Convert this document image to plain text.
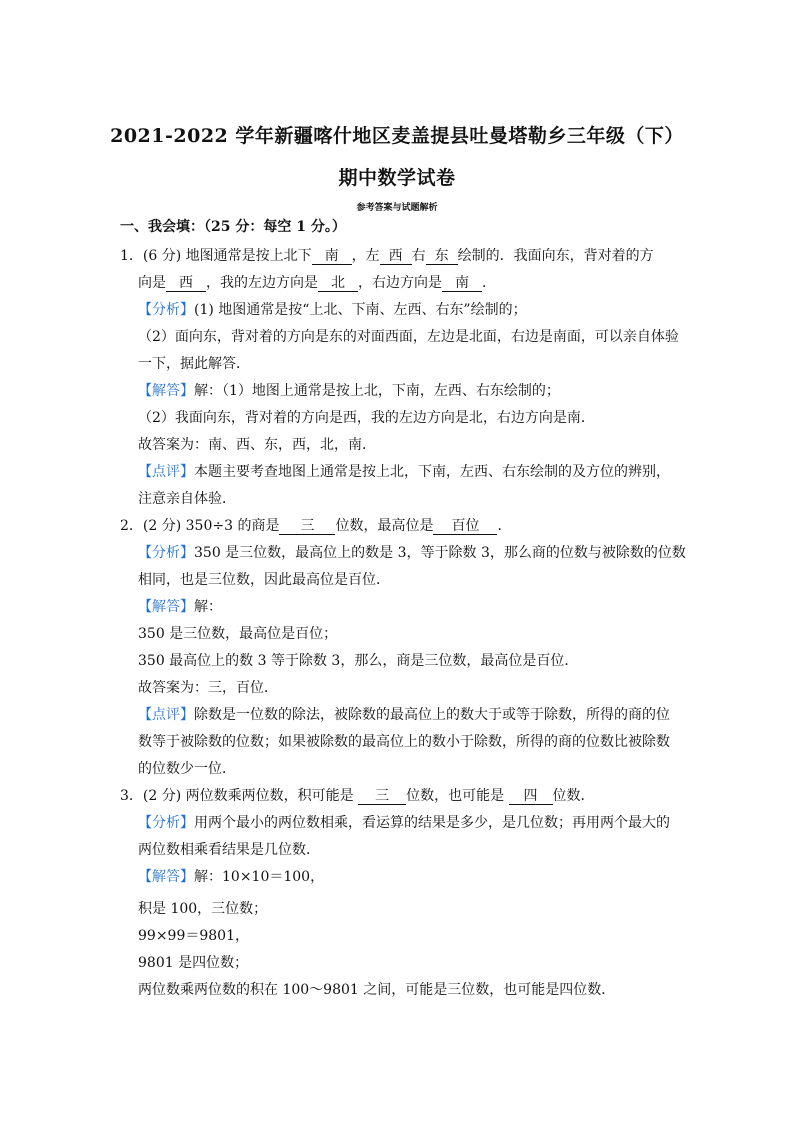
2021-2022 学年新疆喀什地区麦盖提县吐曼塔勒乡三年级（下）
期中数学试卷
参考答案与试题解析
一、我会填：（25 分：每空 1 分。）
1．(6 分) 地图通常是按上北下 南 ，左 西 右 东 绘制的．我面向东，背对着的方
向是 西 ，我的左边方向是 北 ，右边方向是 南 ．
【分析】(1) 地图通常是按“上北、下南、左西、右东”绘制的；
（2）面向东，背对着的方向是东的对面西面，左边是北面，右边是南面，可以亲自体验
一下，据此解答．
【解答】解：（1）地图上通常是按上北，下南，左西、右东绘制的；
（2）我面向东，背对着的方向是西，我的左边方向是北，右边方向是南．
故答案为：南、西、东，西，北，南．
【点评】本题主要考查地图上通常是按上北，下南，左西、右东绘制的及方位的辨别，
注意亲自体验．
2．(2 分) 350÷3 的商是 三 位数，最高位是 百位 ．
【分析】350 是三位数，最高位上的数是 3，等于除数 3，那么商的位数与被除数的位数
相同，也是三位数，因此最高位是百位．
【解答】解：
350 是三位数，最高位是百位；
350 最高位上的数 3 等于除数 3，那么，商是三位数，最高位是百位．
故答案为：三，百位．
【点评】除数是一位数的除法，被除数的最高位上的数大于或等于除数，所得的商的位
数等于被除数的位数；如果被除数的最高位上的数小于除数，所得的商的位数比被除数
的位数少一位．
3．(2 分) 两位数乘两位数，积可能是 三 位数，也可能是 四 位数．
【分析】用两个最小的两位数相乘，看运算的结果是多少，是几位数；再用两个最大的
两位数相乘看结果是几位数．
【解答】解：10×10＝100，
积是 100，三位数；
99×99＝9801，
9801 是四位数；
两位数乘两位数的积在 100～9801 之间，可能是三位数，也可能是四位数．
